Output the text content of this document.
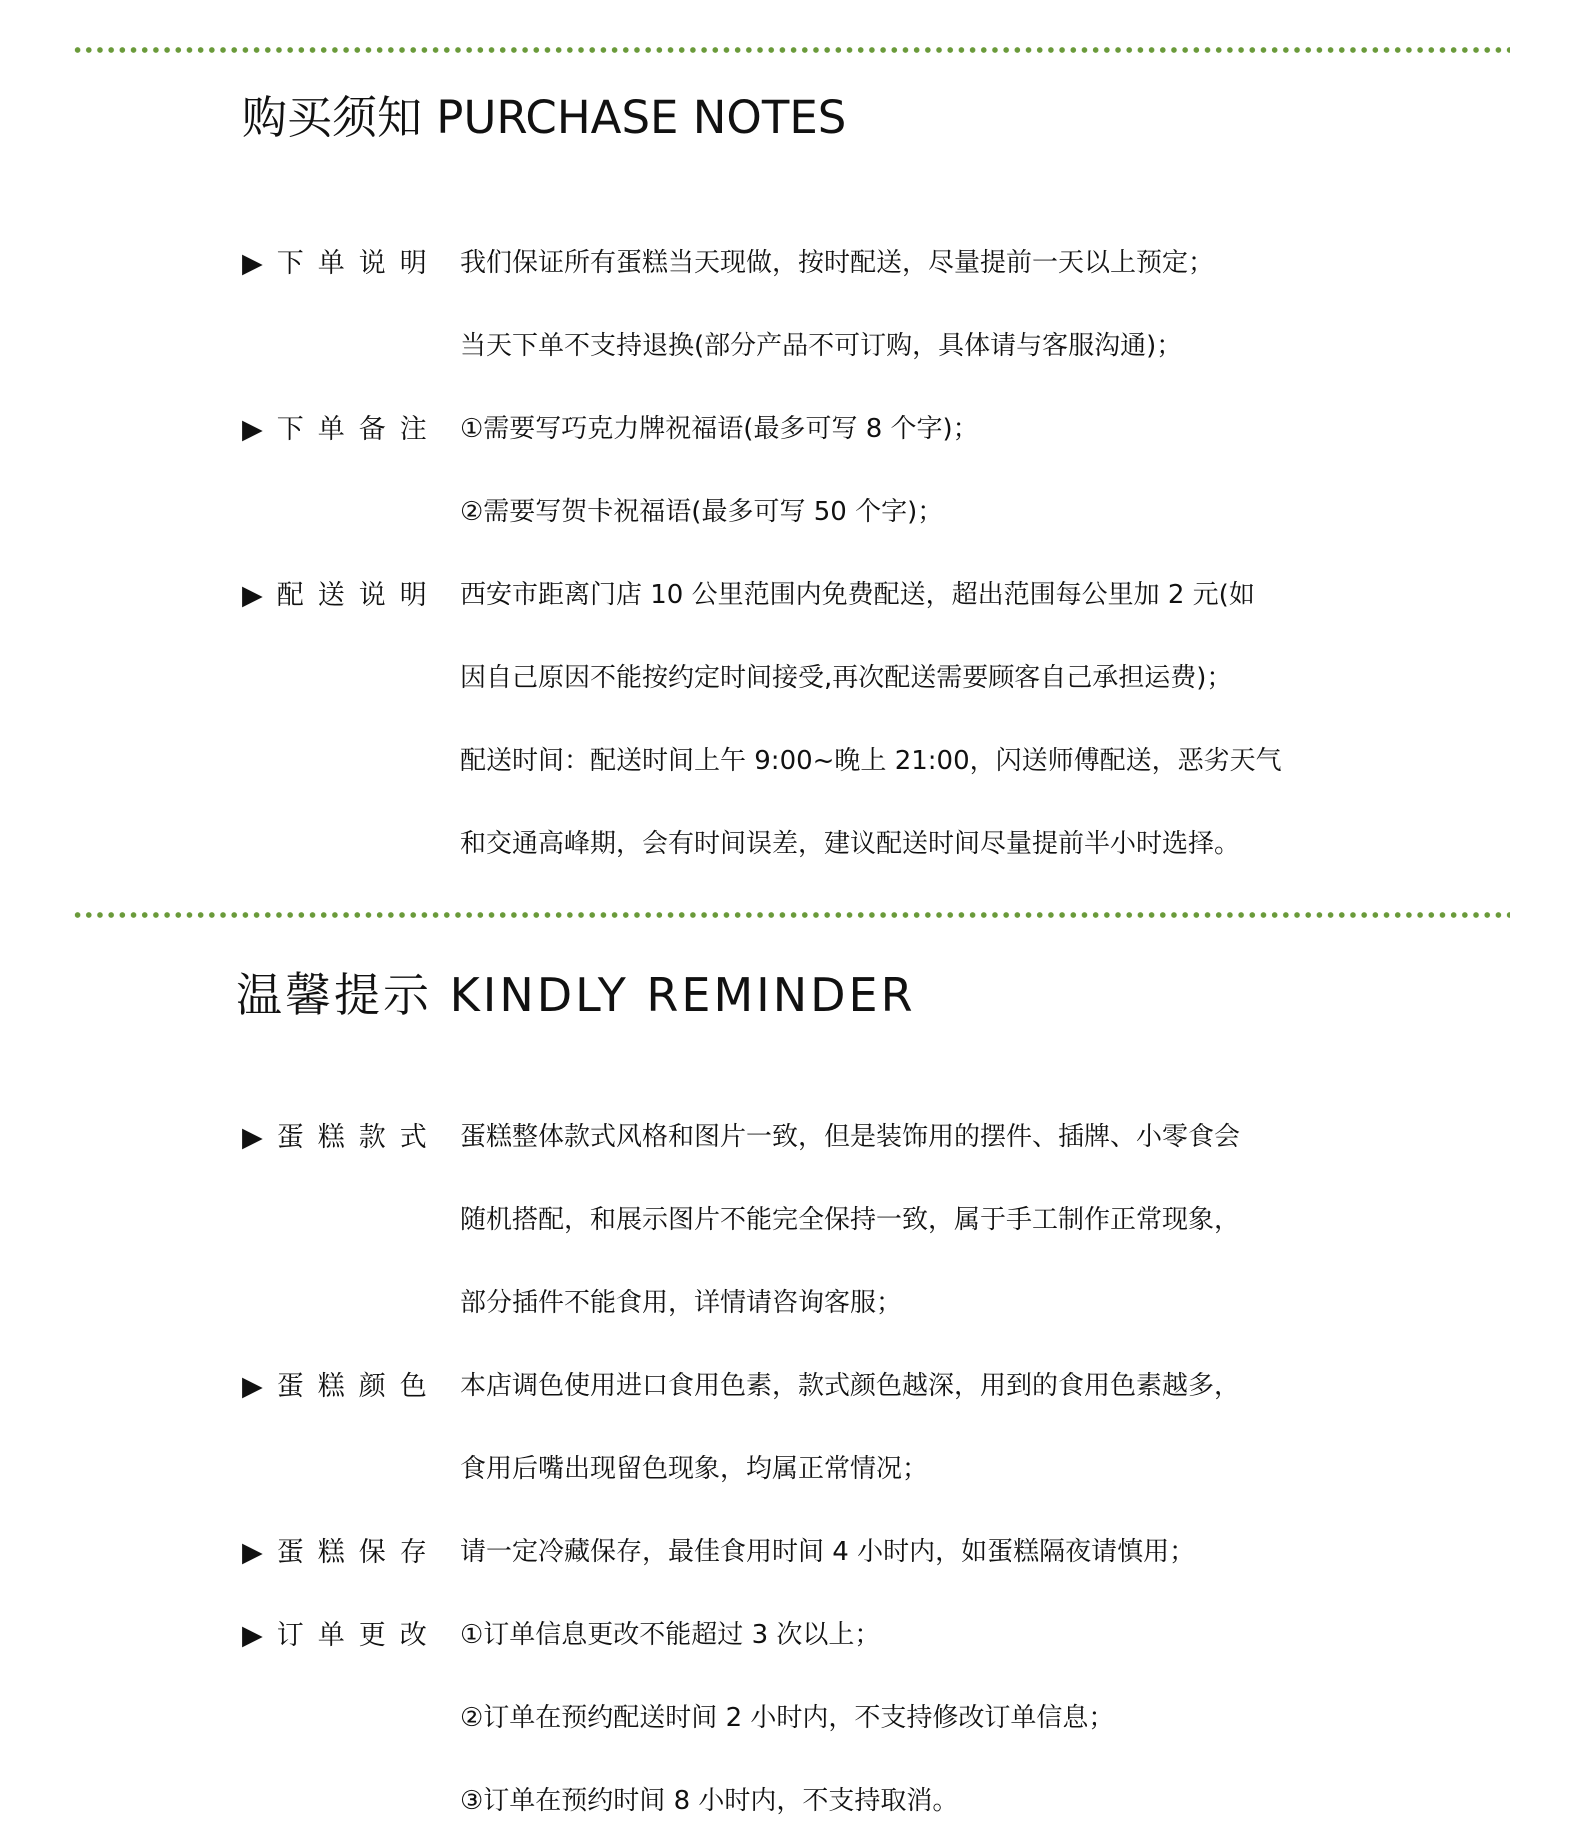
购买须知 PURCHASE NOTES
▶下单说明 我们保证所有蛋糕当天现做，按时配送，尽量提前一天以上预定；
当天下单不支持退换(部分产品不可订购，具体请与客服沟通)；
▶下单备注 ①需要写巧克力牌祝福语(最多可写 8 个字)；
②需要写贺卡祝福语(最多可写 50 个字)；
▶配送说明 西安市距离门店 10 公里范围内免费配送，超出范围每公里加 2 元(如
因自己原因不能按约定时间接受,再次配送需要顾客自己承担运费)；
配送时间：配送时间上午 9:00~晚上 21:00，闪送师傅配送，恶劣天气
和交通高峰期，会有时间误差，建议配送时间尽量提前半小时选择。
温馨提示 KINDLY REMINDER
▶蛋糕款式 蛋糕整体款式风格和图片一致，但是装饰用的摆件、插牌、小零食会
随机搭配，和展示图片不能完全保持一致，属于手工制作正常现象，
部分插件不能食用，详情请咨询客服；
▶蛋糕颜色 本店调色使用进口食用色素，款式颜色越深，用到的食用色素越多，
食用后嘴出现留色现象，均属正常情况；
▶蛋糕保存 请一定冷藏保存，最佳食用时间 4 小时内，如蛋糕隔夜请慎用；
▶订单更改 ①订单信息更改不能超过 3 次以上；
②订单在预约配送时间 2 小时内，不支持修改订单信息；
③订单在预约时间 8 小时内，不支持取消。
